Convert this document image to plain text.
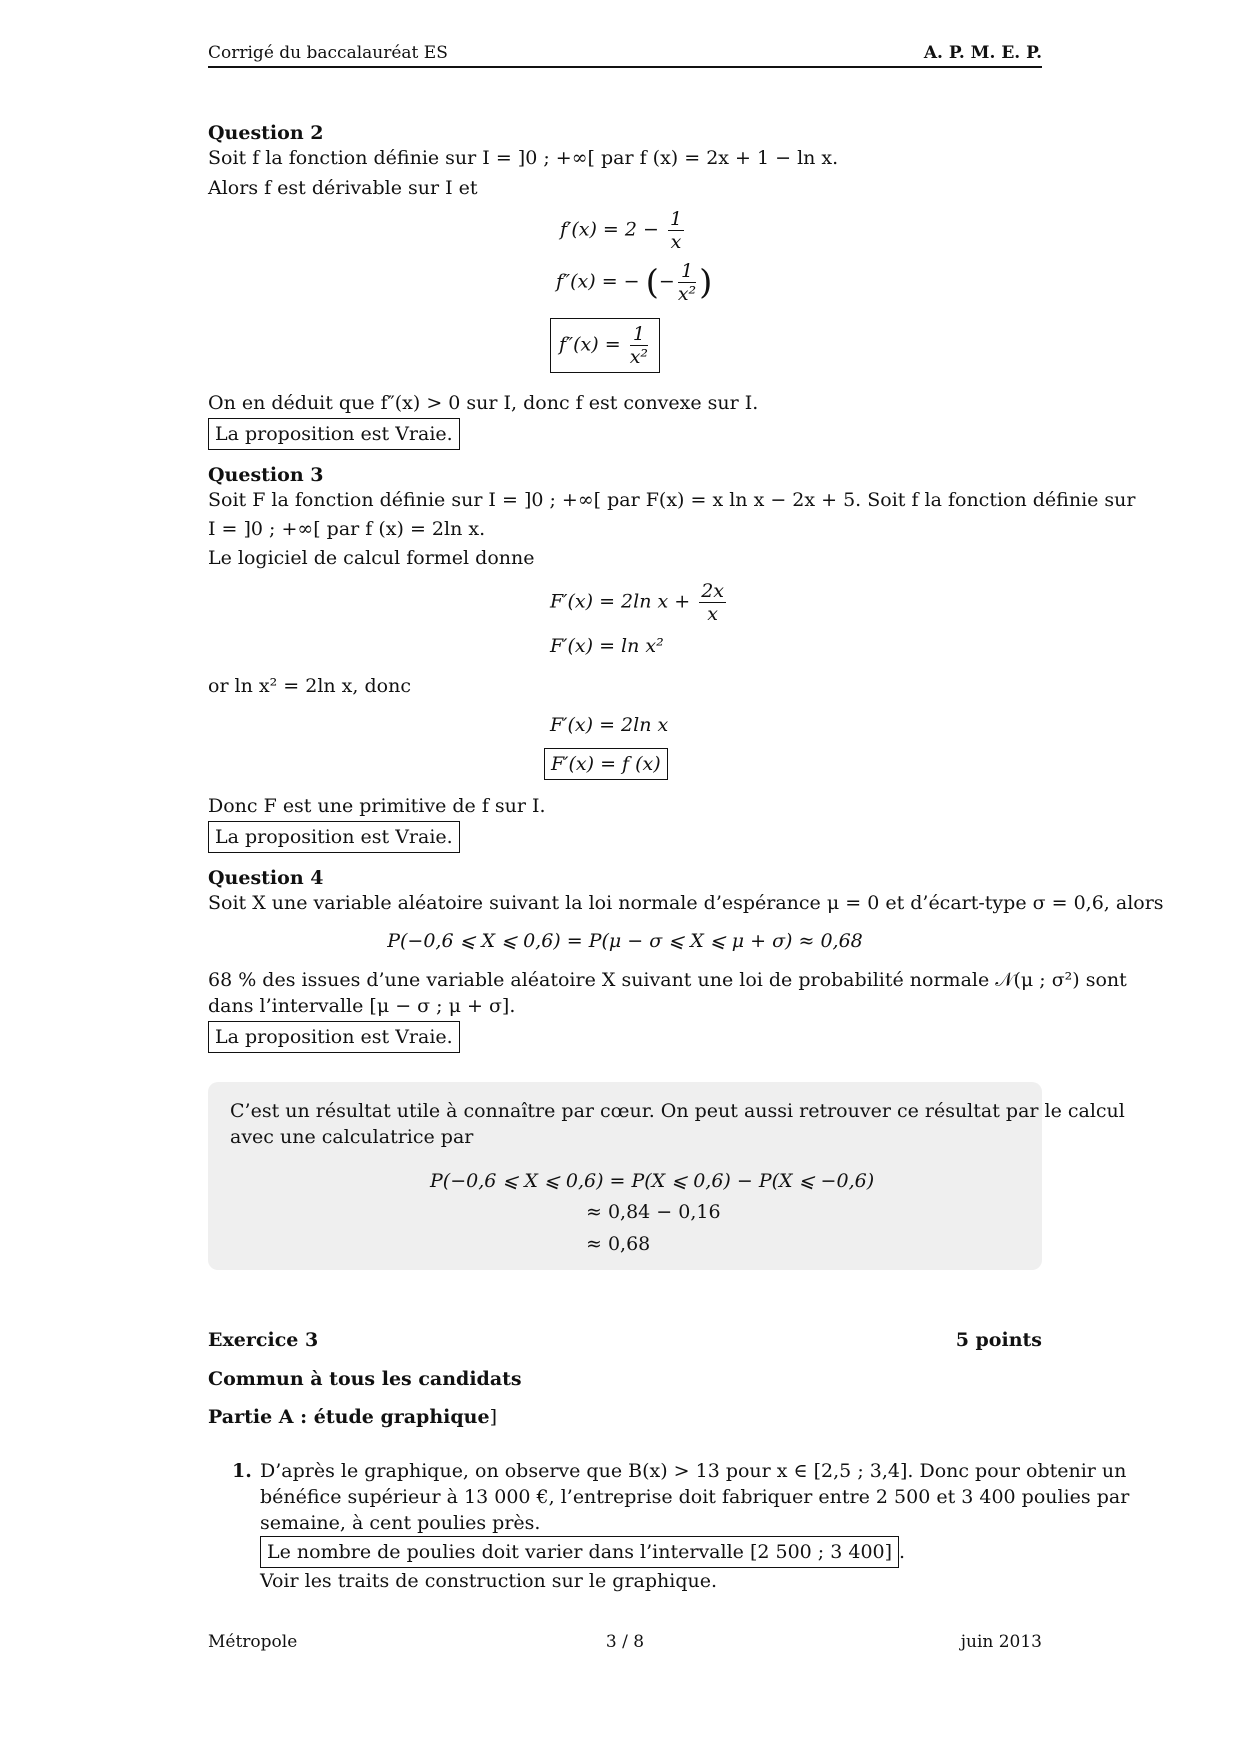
Corrigé du baccalauréat ES	A. P. M. E. P.
Question 2
Soit f la fonction définie sur I = ]0 ; +∞[ par f (x) = 2x + 1 − ln x.
Alors f est dérivable sur I et
$f'(x) = 2 - \frac{1}{x}$
f″(x) = − (− $\frac{1}{\text{x²}}$ )
$f''(x) = \frac{1}{\text{x²}}$
On en déduit que f″(x) > 0 sur I, donc f est convexe sur I.
La proposition est Vraie.
Question 3
Soit F la fonction définie sur I = ]0 ; +∞[ par F(x) = x ln x − 2x + 5. Soit f la fonction définie sur
I = ]0 ; +∞[ par f (x) = 2ln x.
Le logiciel de calcul formel donne
F′(x) = 2ln $x + \frac{2x}{x}$
F′(x) = ln x²
or ln x² = 2ln x, donc
F′(x) = 2ln x
F′(x) = f (x)
Donc F est une primitive de f sur I.
La proposition est Vraie.
Question 4
Soit X une variable aléatoire suivant la loi normale d’espérance μ = 0 et d’écart-type σ = 0,6, alors
P(−0,6 ⩽ X ⩽ 0,6) = P(μ − σ ⩽ X ⩽ μ + σ) ≈ 0,68
68 % des issues d’une variable aléatoire X suivant une loi de probabilité normale 𝒩(μ ; σ²) sont
dans l’intervalle [μ − σ ; μ + σ].
La proposition est Vraie.
C’est un résultat utile à connaître par cœur. On peut aussi retrouver ce résultat par le calcul
avec une calculatrice par
P(−0,6 ⩽ X ⩽ 0,6) = P(X ⩽ 0,6) − P(X ⩽ −0,6)
≈ 0,84 − 0,16
≈ 0,68
Exercice 3	5 points
Commun à tous les candidats
Partie A : étude graphique]
1. D’après le graphique, on observe que B(x) > 13 pour x ∈ [2,5 ; 3,4]. Donc pour obtenir un
bénéfice supérieur à 13 000 €, l’entreprise doit fabriquer entre 2 500 et 3 400 poulies par
semaine, à cent poulies près.
Le nombre de poulies doit varier dans l’intervalle [2 500 ; 3 400] .
Voir les traits de construction sur le graphique.
Métropole	3 / 8	juin 2013
